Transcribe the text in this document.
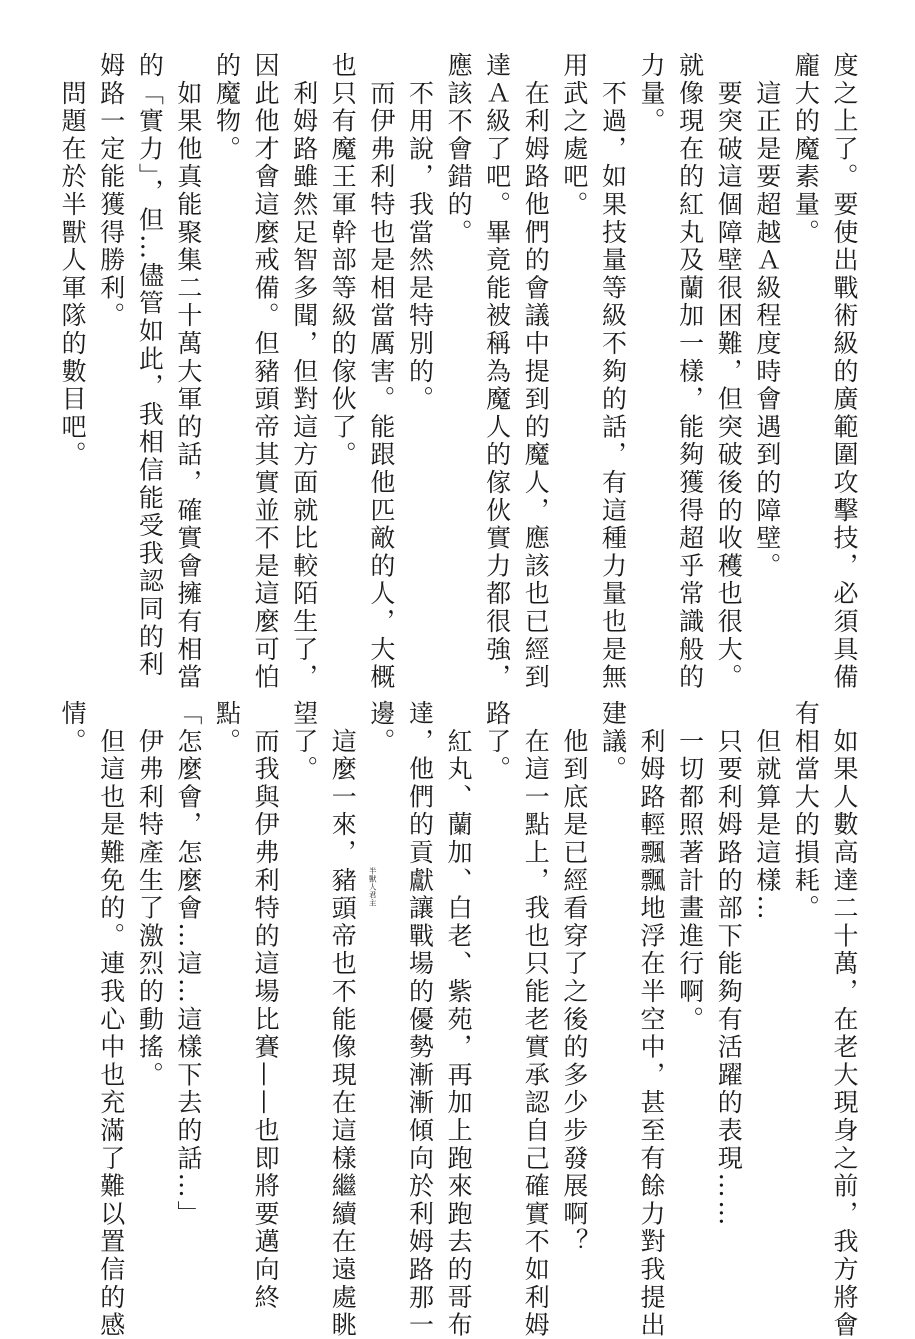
度之上了。要使出戰術級的廣範圍攻擊技，必須具備
龐大的魔素量。
　這正是要超越Ａ級程度時會遇到的障壁。
　要突破這個障壁很困難，但突破後的收穫也很大。
就像現在的紅丸及蘭加一樣，能夠獲得超乎常識般的
力量。
　不過，如果技量等級不夠的話，有這種力量也是無
用武之處吧。
　在利姆路他們的會議中提到的魔人，應該也已經到
達Ａ級了吧。畢竟能被稱為魔人的傢伙實力都很強，
應該不會錯的。
　不用說，我當然是特別的。
　而伊弗利特也是相當厲害。能跟他匹敵的人，大概
也只有魔王軍幹部等級的傢伙了。
　利姆路雖然足智多聞，但對這方面就比較陌生了，
因此他才會這麼戒備。但豬頭帝其實並不是這麼可怕
的魔物。
　如果他真能聚集二十萬大軍的話，確實會擁有相當
的「實力」，但…儘管如此，我相信能受我認同的利
姆路一定能獲得勝利。
　問題在於半獸人軍隊的數目吧。
　如果人數高達二十萬，在老大現身之前，我方將會
有相當大的損耗。
　但就算是這樣…
　只要利姆路的部下能夠有活躍的表現……
　一切都照著計畫進行啊。
　利姆路輕飄飄地浮在半空中，甚至有餘力對我提出
建議。
　他到底是已經看穿了之後的多少步發展啊？
　在這一點上，我也只能老實承認自己確實不如利姆
路了。
　紅丸、蘭加、白老、紫苑，再加上跑來跑去的哥布
達，他們的貢獻讓戰場的優勢漸漸傾向於利姆路那一
邊。
　這麼一來，豬頭帝 半獸人君主
也不能像現在這樣繼續在遠處眺
望了。
　而我與伊弗利特的這場比賽——也即將要邁向終
點。
「怎麼會，怎麼會…這…這樣下去的話…」
　伊弗利特產生了激烈的動搖。
　但這也是難免的。連我心中也充滿了難以置信的感
情。
